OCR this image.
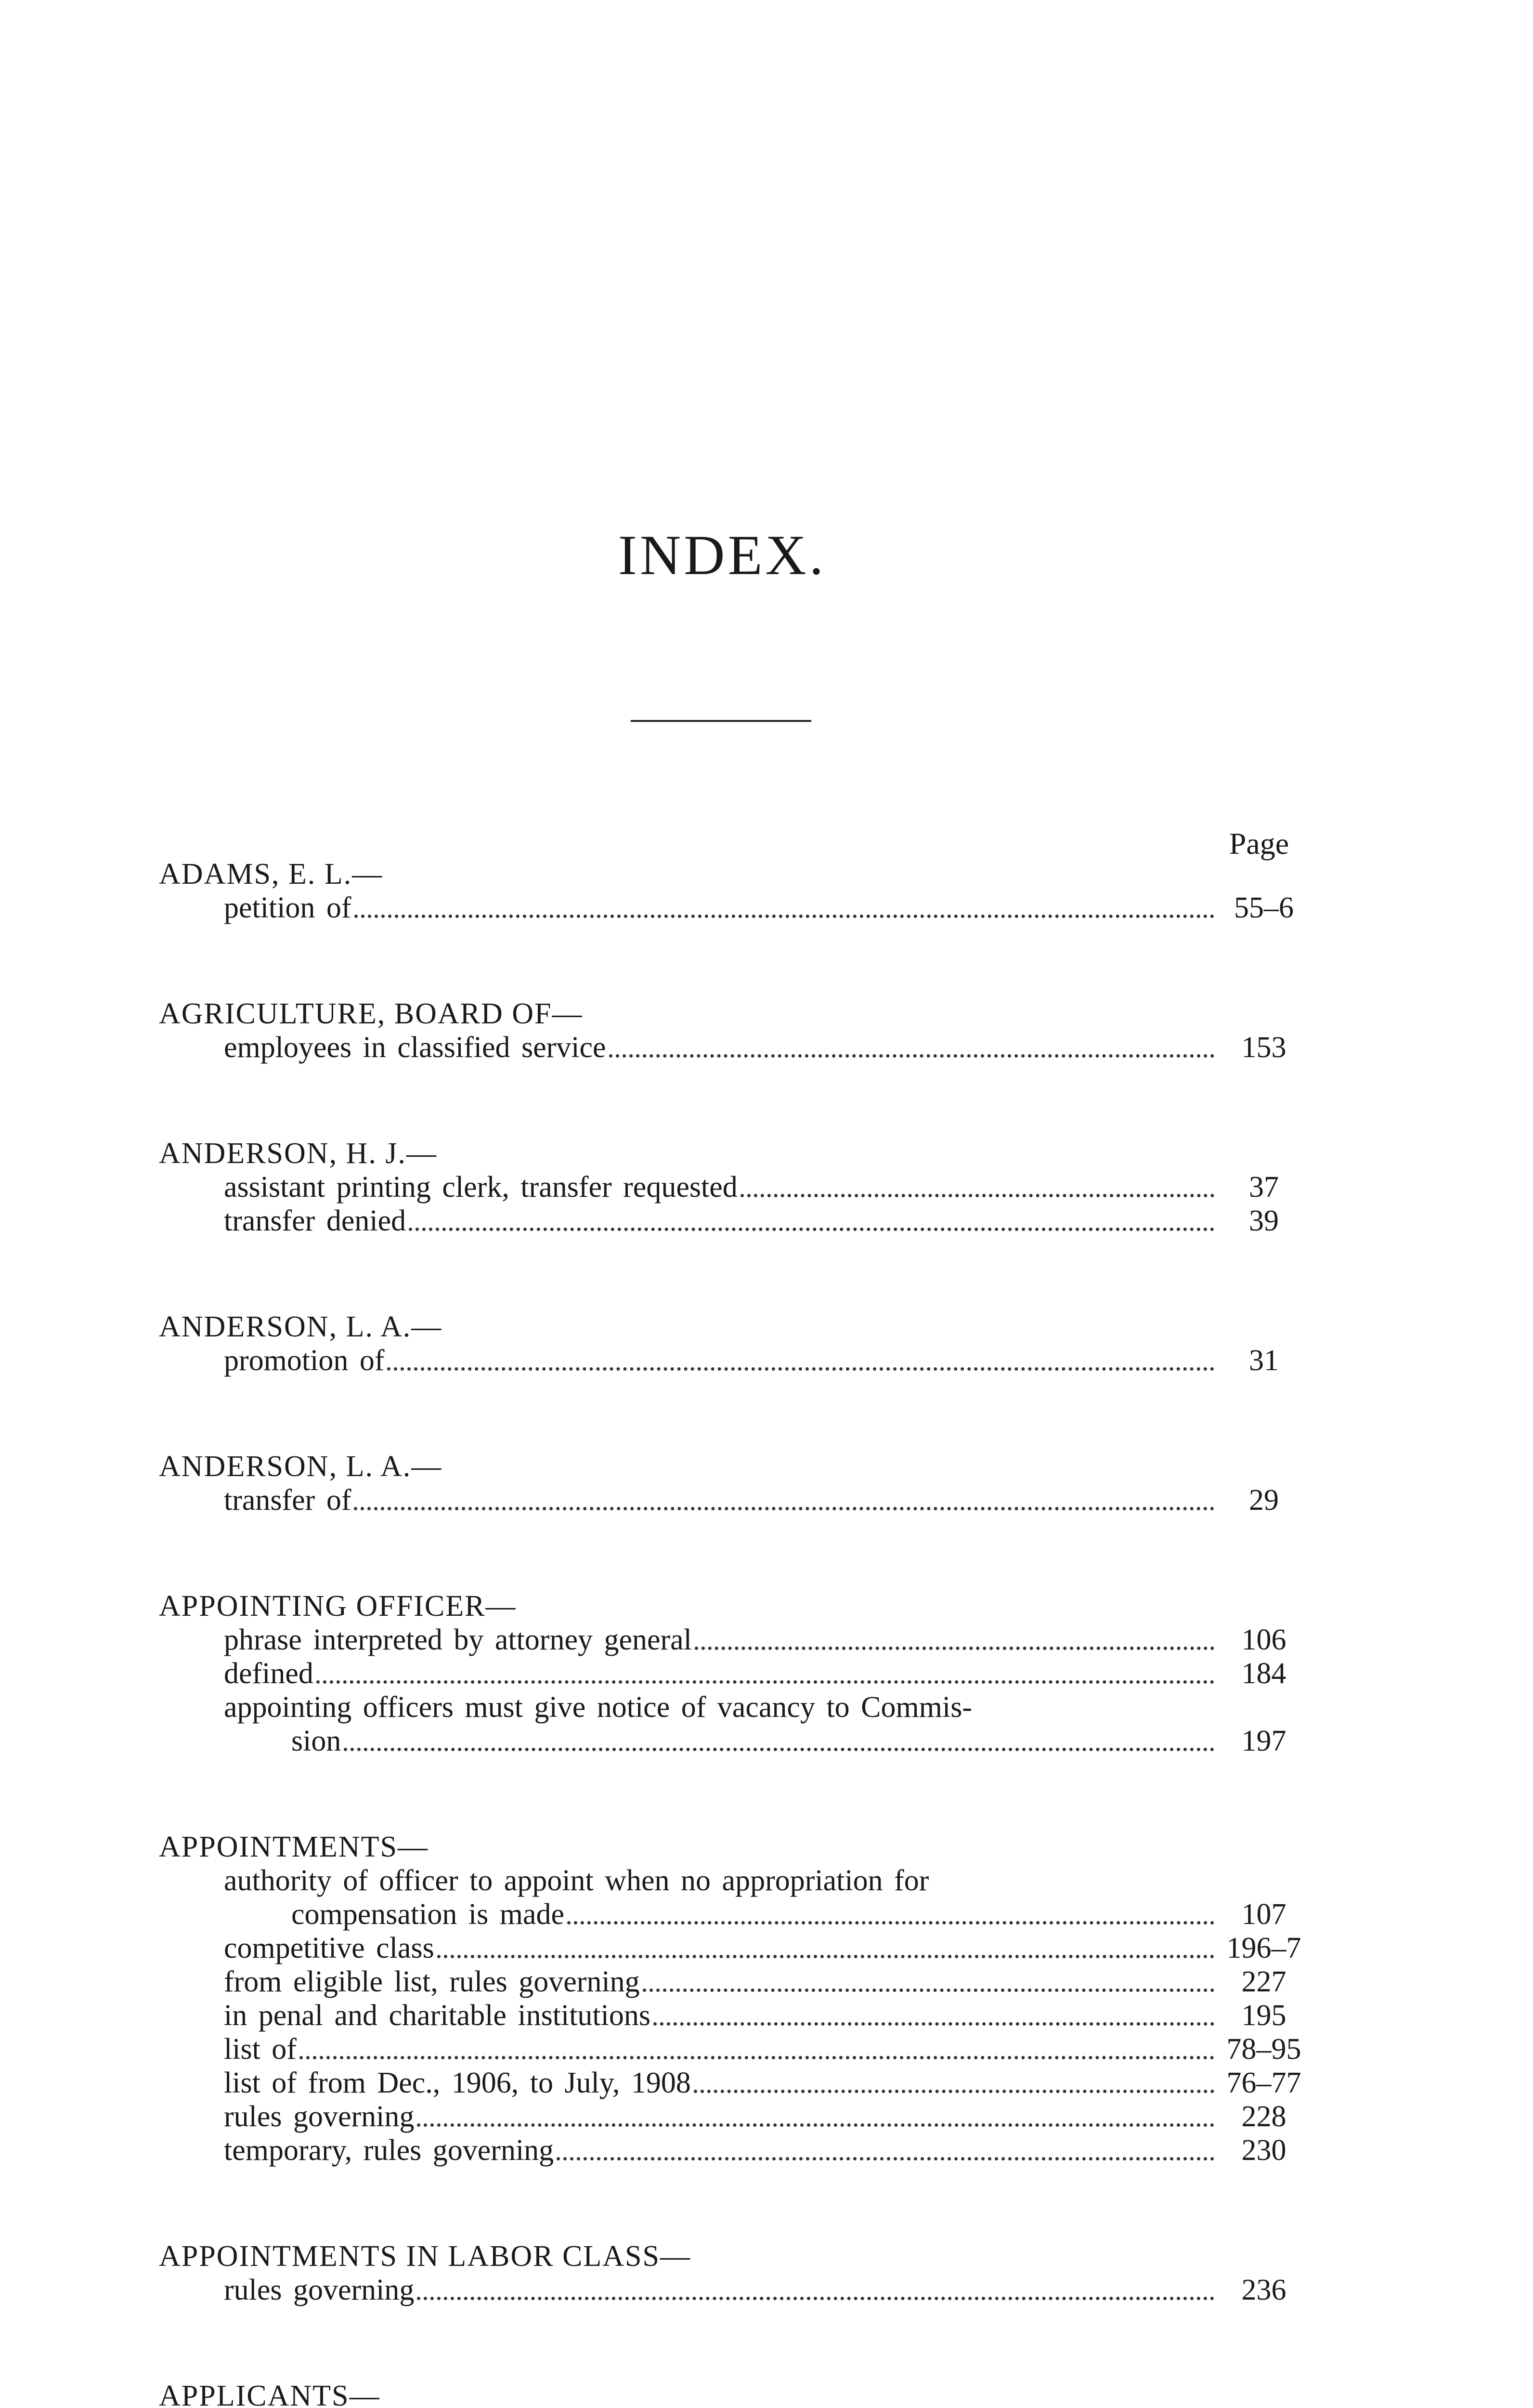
INDEX.
Page
ADAMS, E. L.—
petition of	55–6
AGRICULTURE, BOARD OF—
employees in classified service	153
ANDERSON, H. J.—
assistant printing clerk, transfer requested	37
transfer denied	39
ANDERSON, L. A.—
promotion of	31
ANDERSON, L. A.—
transfer of	29
APPOINTING OFFICER—
phrase interpreted by attorney general	106
defined	184
appointing officers must give notice of vacancy to Commis-
sion	197
APPOINTMENTS—
authority of officer to appoint when no appropriation for
compensation is made	107
competitive class	196–7
from eligible list, rules governing	227
in penal and charitable institutions	195
list of	78–95
list of from Dec., 1906, to July, 1908	76–77
rules governing	228
temporary, rules governing	230
APPOINTMENTS IN LABOR CLASS—
rules governing	236
APPLICANTS—
